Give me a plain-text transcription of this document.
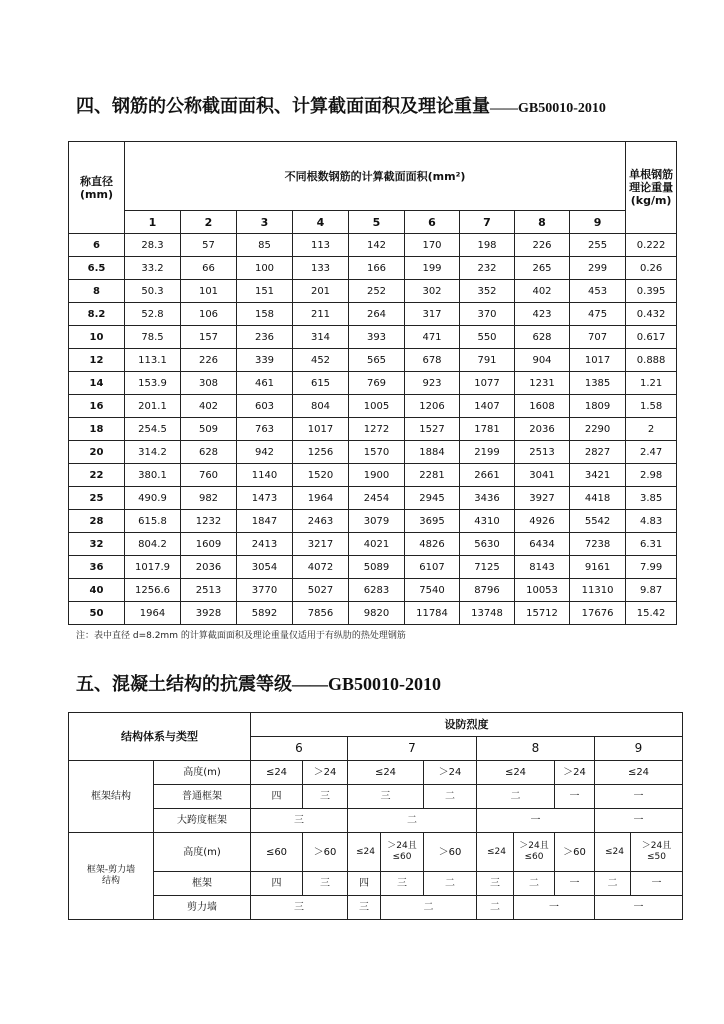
四、钢筋的公称截面面积、计算截面面积及理论重量——GB50010-2010
称直径(mm)	不同根数钢筋的计算截面面积(mm²)									单根钢筋理论重量(kg/m)
	1	2	3	4	5	6	7	8	9	
6	28.3	57	85	113	142	170	198	226	255	0.222
6.5	33.2	66	100	133	166	199	232	265	299	0.26
8	50.3	101	151	201	252	302	352	402	453	0.395
8.2	52.8	106	158	211	264	317	370	423	475	0.432
10	78.5	157	236	314	393	471	550	628	707	0.617
12	113.1	226	339	452	565	678	791	904	1017	0.888
14	153.9	308	461	615	769	923	1077	1231	1385	1.21
16	201.1	402	603	804	1005	1206	1407	1608	1809	1.58
18	254.5	509	763	1017	1272	1527	1781	2036	2290	2
20	314.2	628	942	1256	1570	1884	2199	2513	2827	2.47
22	380.1	760	1140	1520	1900	2281	2661	3041	3421	2.98
25	490.9	982	1473	1964	2454	2945	3436	3927	4418	3.85
28	615.8	1232	1847	2463	3079	3695	4310	4926	5542	4.83
32	804.2	1609	2413	3217	4021	4826	5630	6434	7238	6.31
36	1017.9	2036	3054	4072	5089	6107	7125	8143	9161	7.99
40	1256.6	2513	3770	5027	6283	7540	8796	10053	11310	9.87
50	1964	3928	5892	7856	9820	11784	13748	15712	17676	15.42
注：表中直径 d=8.2mm 的计算截面面积及理论重量仅适用于有纵肋的热处理钢筋
五、混凝土结构的抗震等级——GB50010-2010
结构体系与类型		设防烈度									
		6		7			8			9	
框架结构	高度(m)	≤24	＞24	≤24		＞24	≤24		＞24	≤24	
	普通框架	四	三	三		二	二		一	一	
	大跨度框架	三		二			一			一	
框架-剪力墙结构	高度(m)	≤60	＞60	≤24	＞24且≤60	＞60	≤24	＞24且≤60	＞60	≤24	＞24且≤50
	框架	四	三	四	三	二	三	二	一	二	一
	剪力墙	三		三	二		二	一		一	
